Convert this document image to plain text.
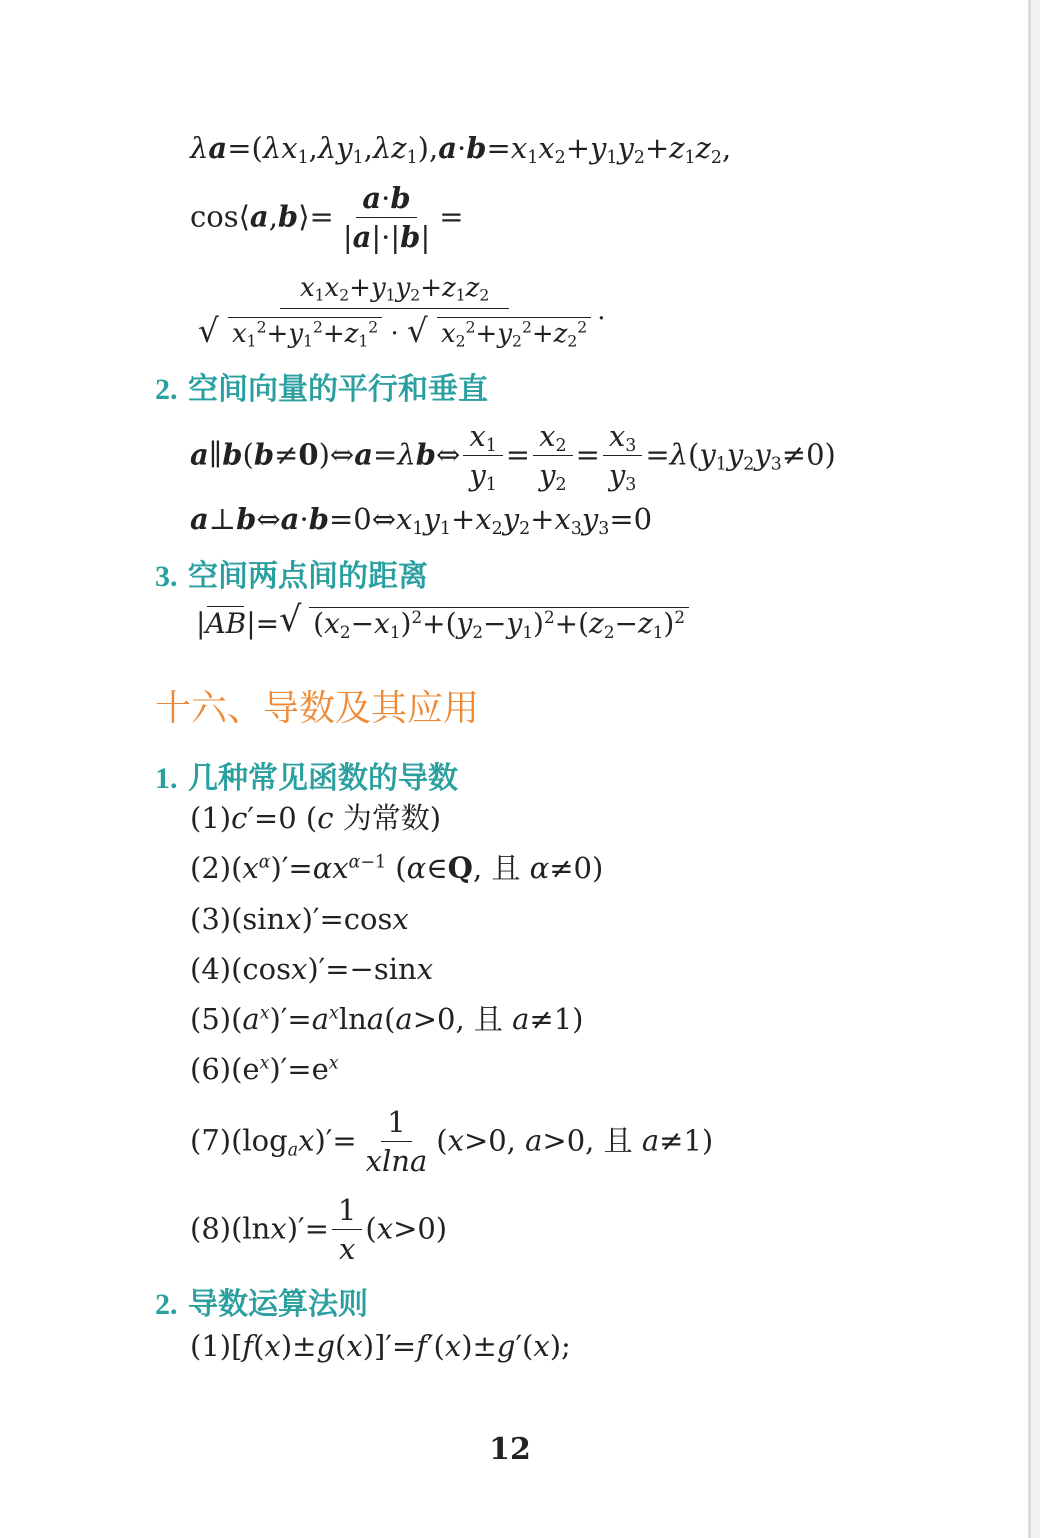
$\lambda a=(\lambda x_1,\lambda y_1,\lambda z_1),a\cdot b=x_1x_2+y_1y_2+z_1z_2$,
cos⟨a,b⟩= $\frac{a\cdot b}{|a|\cdot|b|}$ =
$x_1x_2+y_1y_2+z_1z_2$
√ $x_1^2+y_1^2+z_1^2$ · √ $x_2^2+y_2^2+z_2^2$ .
2. 空间向量的平行和垂直
a∥b(b≠0)⇔a=λb⇔ $\frac{x_1}{y_1} = \frac{x_2}{y_2} = \frac{x_3}{y_3} =\lambda(y_1y_2y_3\ne 0)$
$a\perp b\Leftrightarrow a\cdot b=0\Leftrightarrow x_1y_1+x_2y_2+x_3y_3=0$
3. 空间两点间的距离
|AB|=√ $(x_2-x_1)^2+(y_2-y_1)^2+(z_2-z_1)^2$
十六、导数及其应用
1. 几种常见函数的导数
(1)c′=0 (c 为常数)
$(2)(x^\alpha)'=\alpha x^{\alpha-1}$ (α∈Q, 且 α≠0)
(3)(sinx)′=cosx
(4)(cosx)′=−sinx
$(5)(a^x)'=a^x\ln a(a>0$, 且 a≠1)
$(6)(e^x)'=e^x$
$(7)(\log_ax)'= \frac{1}{xlna} (x>0$, a>0, 且 a≠1)
$(8)(\ln x)'= \frac{1}{x} (x>0)$
2. 导数运算法则
(1)[f(x)±g(x)]′=f′(x)±g′(x);
12
